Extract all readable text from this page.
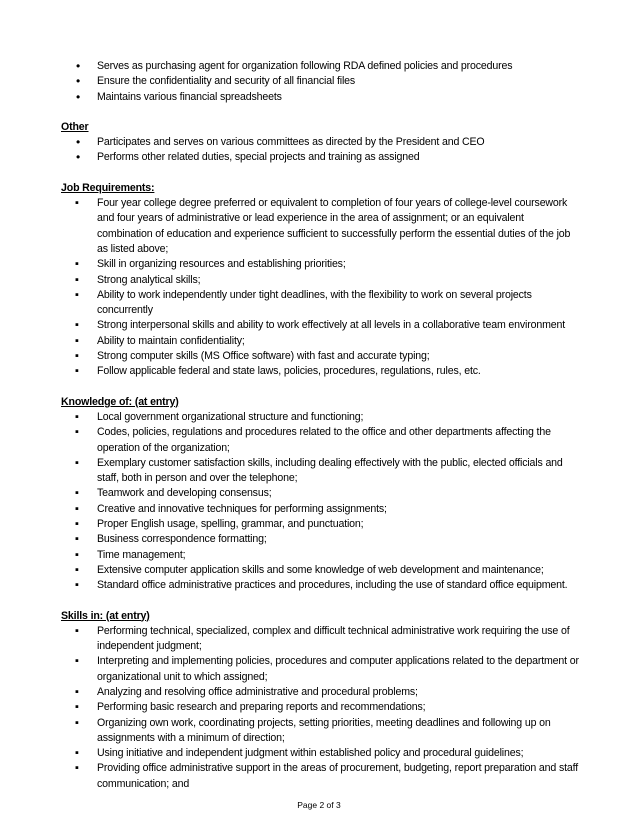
• Serves as purchasing agent for organization following RDA defined policies and procedures
• Ensure the confidentiality and security of all financial files
• Maintains various financial spreadsheets
Other
• Participates and serves on various committees as directed by the President and CEO
• Performs other related duties, special projects and training as assigned
Job Requirements:
▪ Four year college degree preferred or equivalent to completion of four years of college-level coursework and four years of administrative or lead experience in the area of assignment; or an equivalent combination of education and experience sufficient to successfully perform the essential duties of the job as listed above;
▪ Skill in organizing resources and establishing priorities;
▪ Strong analytical skills;
▪ Ability to work independently under tight deadlines, with the flexibility to work on several projects concurrently
▪ Strong interpersonal skills and ability to work effectively at all levels in a collaborative team environment
▪ Ability to maintain confidentiality;
▪ Strong computer skills (MS Office software) with fast and accurate typing;
▪ Follow applicable federal and state laws, policies, procedures, regulations, rules, etc.
Knowledge of: (at entry)
▪ Local government organizational structure and functioning;
▪ Codes, policies, regulations and procedures related to the office and other departments affecting the operation of the organization;
▪ Exemplary customer satisfaction skills, including dealing effectively with the public, elected officials and staff, both in person and over the telephone;
▪ Teamwork and developing consensus;
▪ Creative and innovative techniques for performing assignments;
▪ Proper English usage, spelling, grammar, and punctuation;
▪ Business correspondence formatting;
▪ Time management;
▪ Extensive computer application skills and some knowledge of web development and maintenance;
▪ Standard office administrative practices and procedures, including the use of standard office equipment.
Skills in: (at entry)
▪ Performing technical, specialized, complex and difficult technical administrative work requiring the use of independent judgment;
▪ Interpreting and implementing policies, procedures and computer applications related to the department or organizational unit to which assigned;
▪ Analyzing and resolving office administrative and procedural problems;
▪ Performing basic research and preparing reports and recommendations;
▪ Organizing own work, coordinating projects, setting priorities, meeting deadlines and following up on assignments with a minimum of direction;
▪ Using initiative and independent judgment within established policy and procedural guidelines;
▪ Providing office administrative support in the areas of procurement, budgeting, report preparation and staff communication; and
Page 2 of 3
